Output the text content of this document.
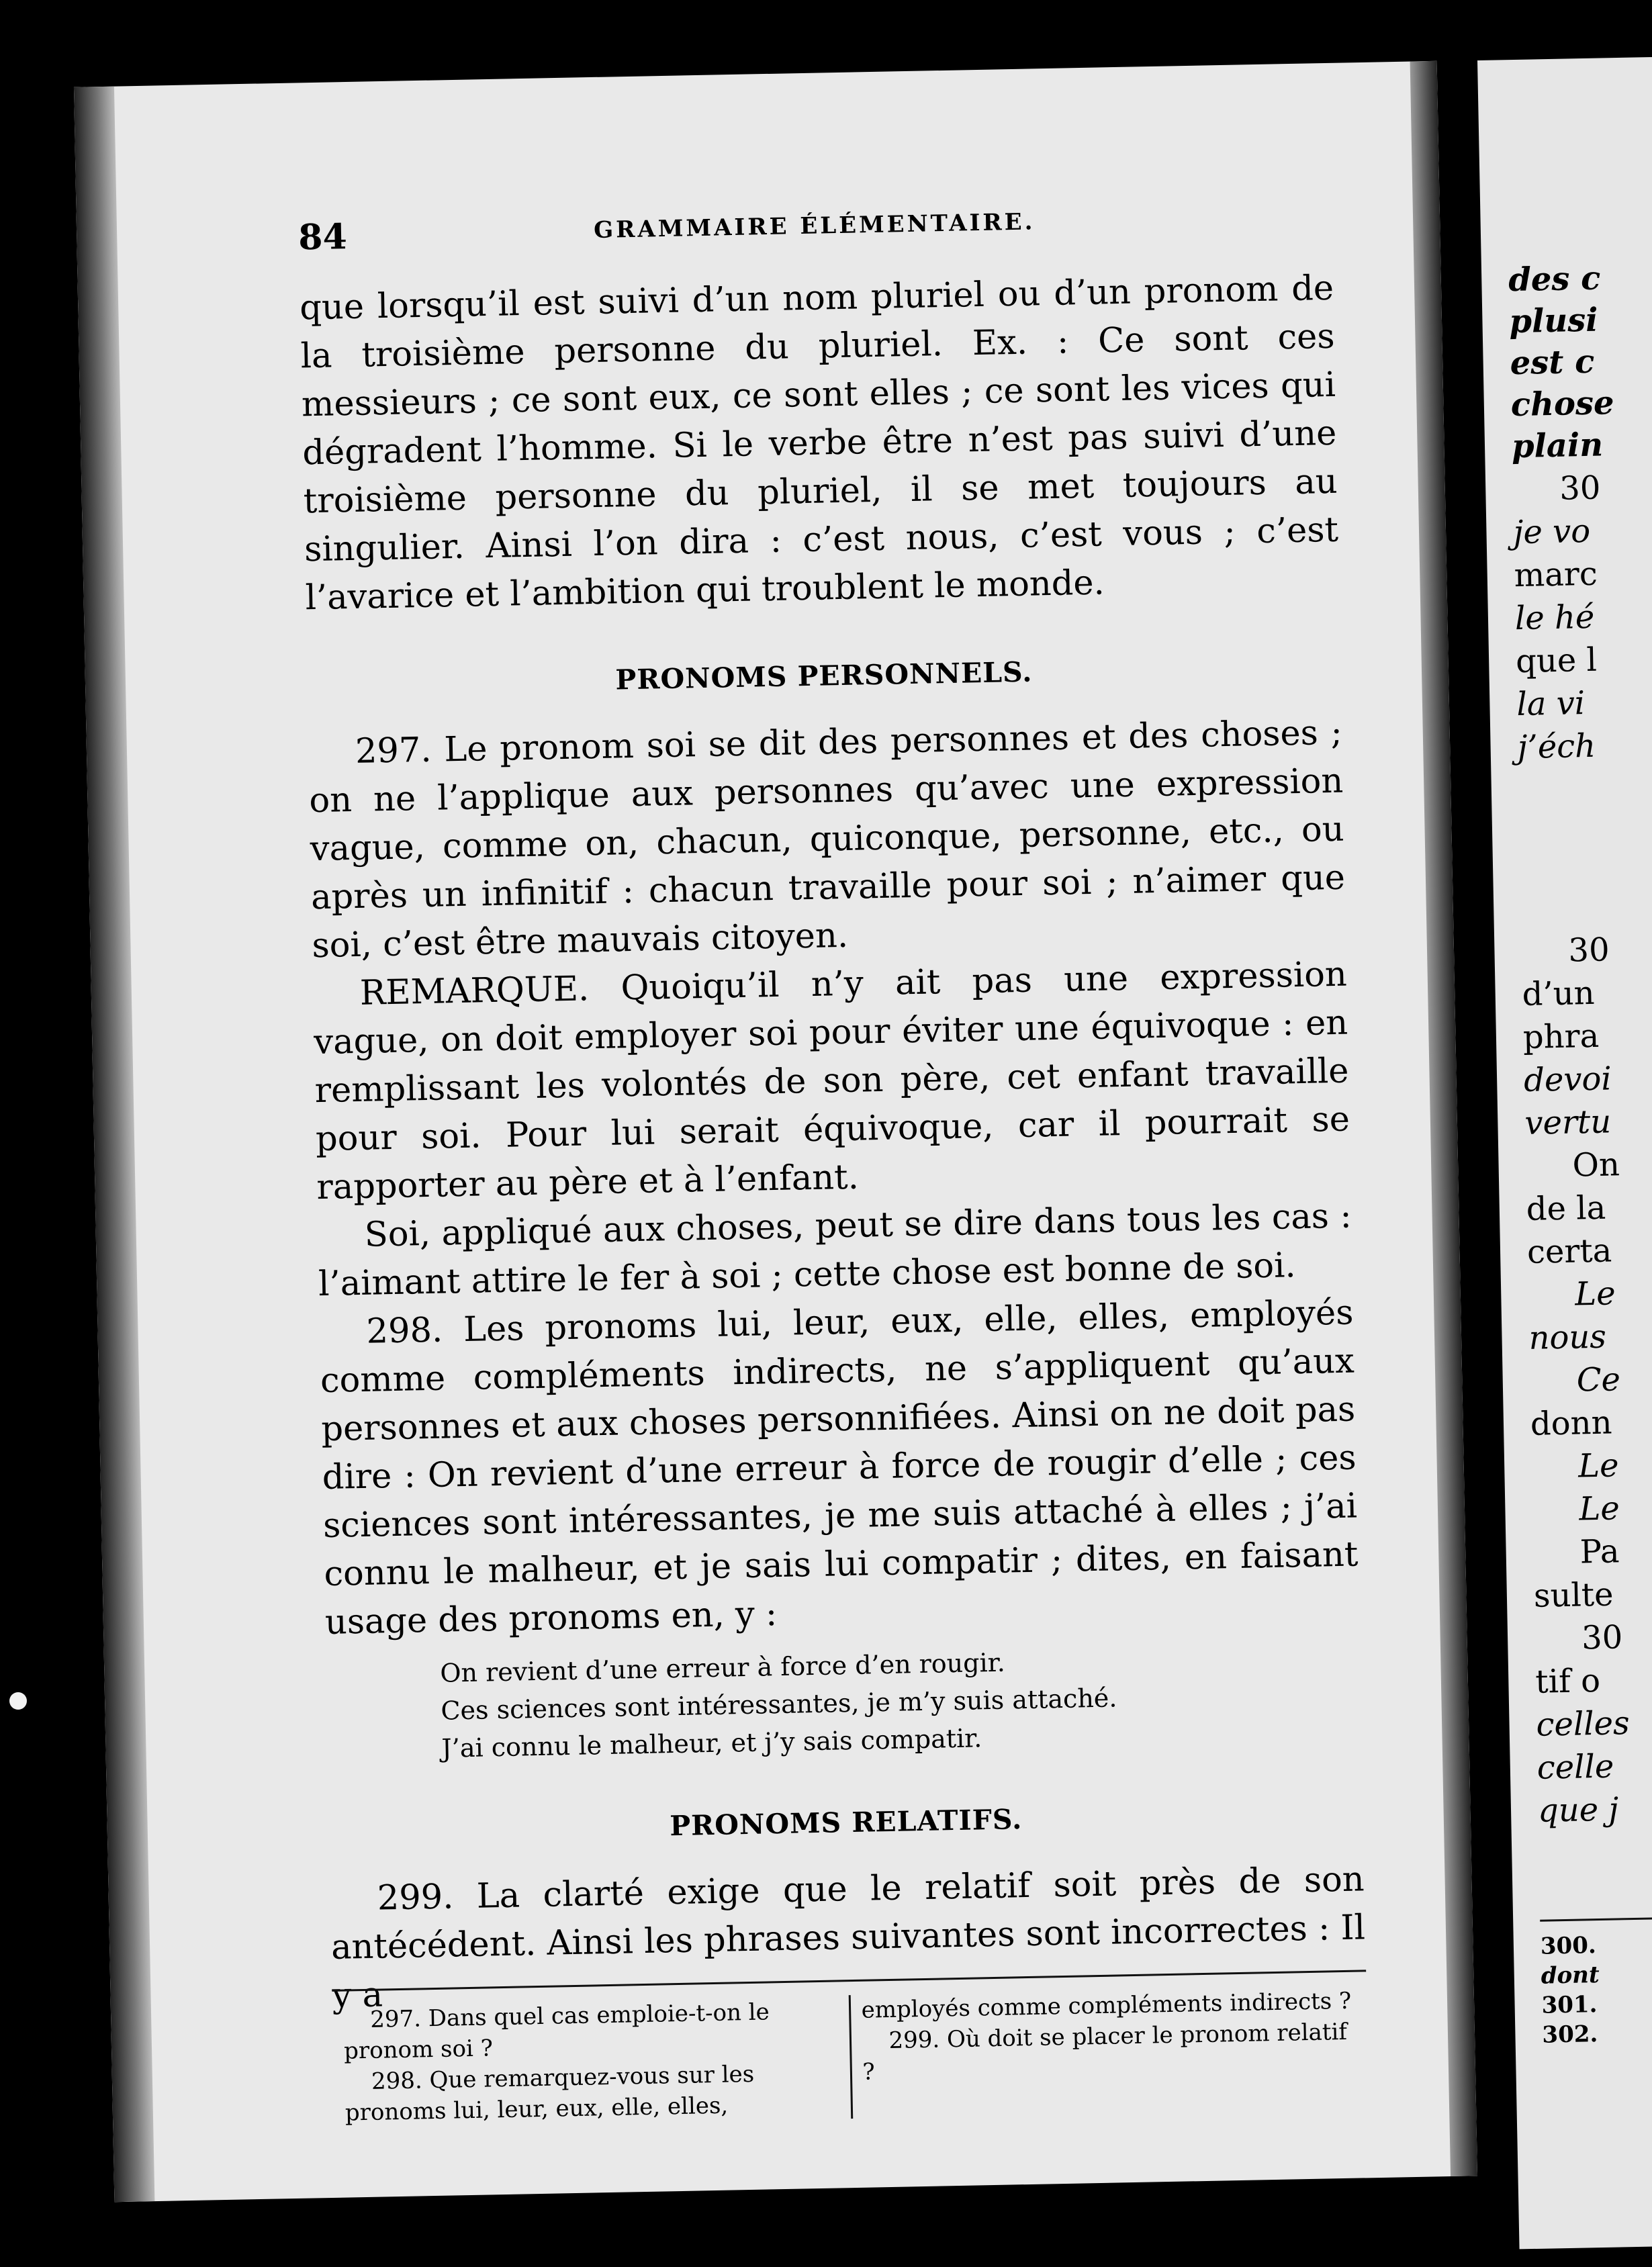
84	GRAMMAIRE ÉLÉMENTAIRE.

que lorsqu’il est suivi d’un nom pluriel ou d’un pronom de la troisième personne du pluriel. Ex. : Ce sont ces messieurs ; ce sont eux, ce sont elles ; ce sont les vices qui dégradent l’homme. Si le verbe être n’est pas suivi d’une troisième personne du pluriel, il se met toujours au singulier. Ainsi l’on dira : c’est nous, c’est vous ; c’est l’avarice et l’ambition qui troublent le monde.

PRONOMS PERSONNELS.

297. Le pronom soi se dit des personnes et des choses ; on ne l’applique aux personnes qu’avec une expression vague, comme on, chacun, quiconque, personne, etc., ou après un infinitif : chacun travaille pour soi ; n’aimer que soi, c’est être mauvais citoyen.

REMARQUE. Quoiqu’il n’y ait pas une expression vague, on doit employer soi pour éviter une équivoque : en remplissant les volontés de son père, cet enfant travaille pour soi. Pour lui serait équivoque, car il pourrait se rapporter au père et à l’enfant.

Soi, appliqué aux choses, peut se dire dans tous les cas : l’aimant attire le fer à soi ; cette chose est bonne de soi.

298. Les pronoms lui, leur, eux, elle, elles, employés comme compléments indirects, ne s’appliquent qu’aux personnes et aux choses personnifiées. Ainsi on ne doit pas dire : On revient d’une erreur à force de rougir d’elle ; ces sciences sont intéressantes, je me suis attaché à elles ; j’ai connu le malheur, et je sais lui compatir ; dites, en faisant usage des pronoms en, y :

On revient d’une erreur à force d’en rougir.
Ces sciences sont intéressantes, je m’y suis attaché.
J’ai connu le malheur, et j’y sais compatir.
PRONOMS RELATIFS.

299. La clarté exige que le relatif soit près de son antécédent. Ainsi les phrases suivantes sont incorrectes : Il y a

297. Dans quel cas emploie-t-on le pronom soi ?
298. Que remarquez-vous sur les pronoms lui, leur, eux, elle, elles,
employés comme compléments indirects ?
299. Où doit se placer le pronom relatif ?
des c
plusi
est c
chose
plain
30
je vo
marc
le hé
que l
la vi
j’éch
30
d’un
phra
devoi
vertu
On
de la
certa
Le
nous
Ce
donn
Le
Le
Pa
sulte
30
tif o
celles
celle
que j
300.
dont
301.
302.
